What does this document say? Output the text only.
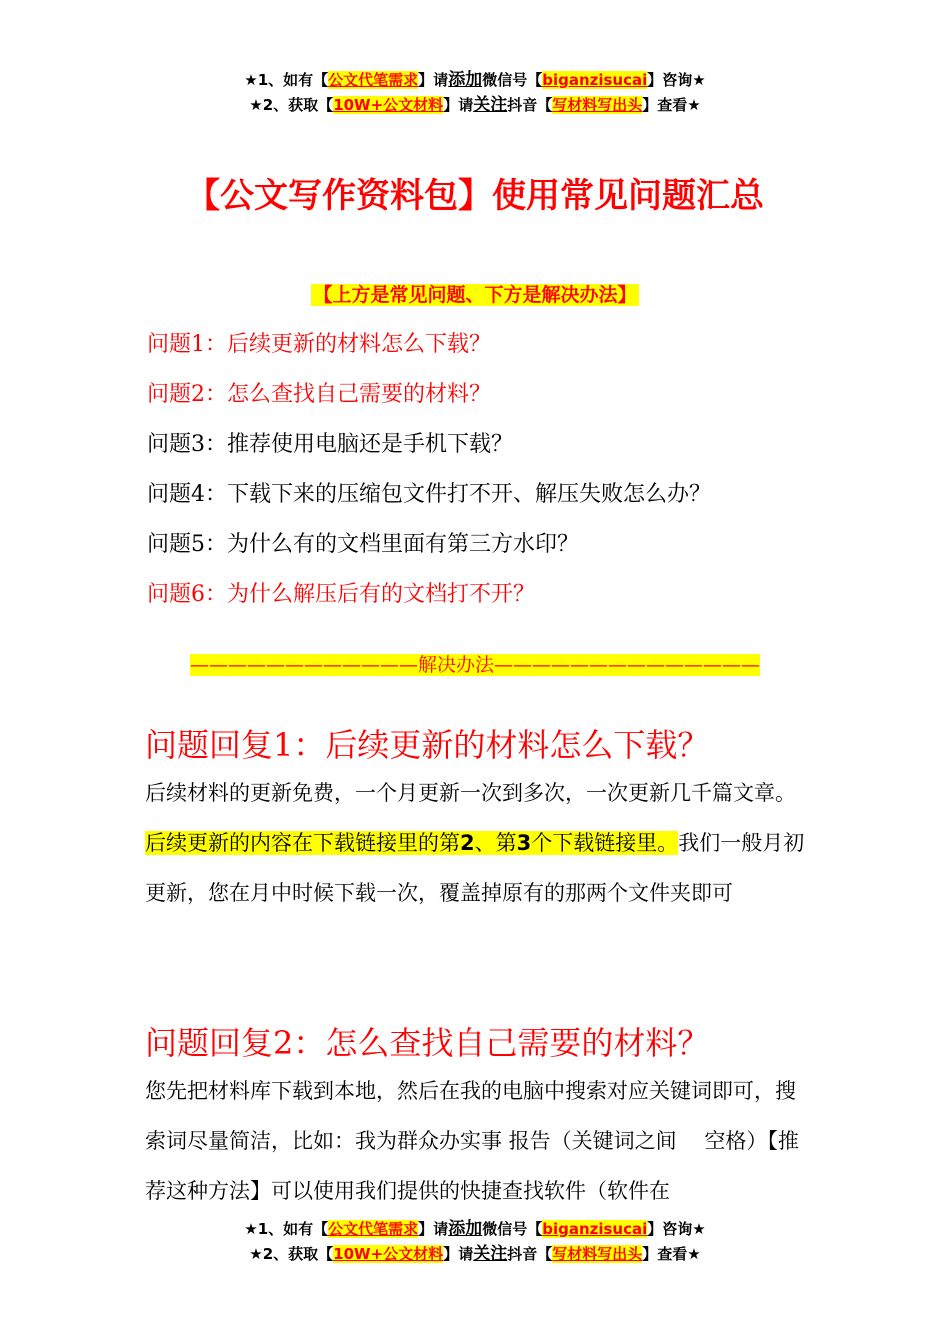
★1、如有【公文代笔需求】请添加微信号【biganzisucai】咨询★
★2、获取【10W+公文材料】请关注抖音【写材料写出头】查看★
【公文写作资料包】使用常见问题汇总
【上方是常见问题、下方是解决办法】
问题1：后续更新的材料怎么下载？
问题2：怎么查找自己需要的材料？
问题3：推荐使用电脑还是手机下载？
问题4：下载下来的压缩包文件打不开、解压失败怎么办？
问题5：为什么有的文档里面有第三方水印？
问题6：为什么解压后有的文档打不开？
————————————解决办法——————————————
问题回复1：后续更新的材料怎么下载？

后续材料的更新免费，一个月更新一次到多次，一次更新几千篇文章。后续更新的内容在下载链接里的第2、第3个下载链接里。我们一般月初更新，您在月中时候下载一次，覆盖掉原有的那两个文件夹即可

问题回复2：怎么查找自己需要的材料？

您先把材料库下载到本地，然后在我的电脑中搜索对应关键词即可，搜索词尽量简洁，比如：我为群众办实事 报告（关键词之间　 空格）【推荐这种方法】可以使用我们提供的快捷查找软件（软件在

★1、如有【公文代笔需求】请添加微信号【biganzisucai】咨询★
★2、获取【10W+公文材料】请关注抖音【写材料写出头】查看★
